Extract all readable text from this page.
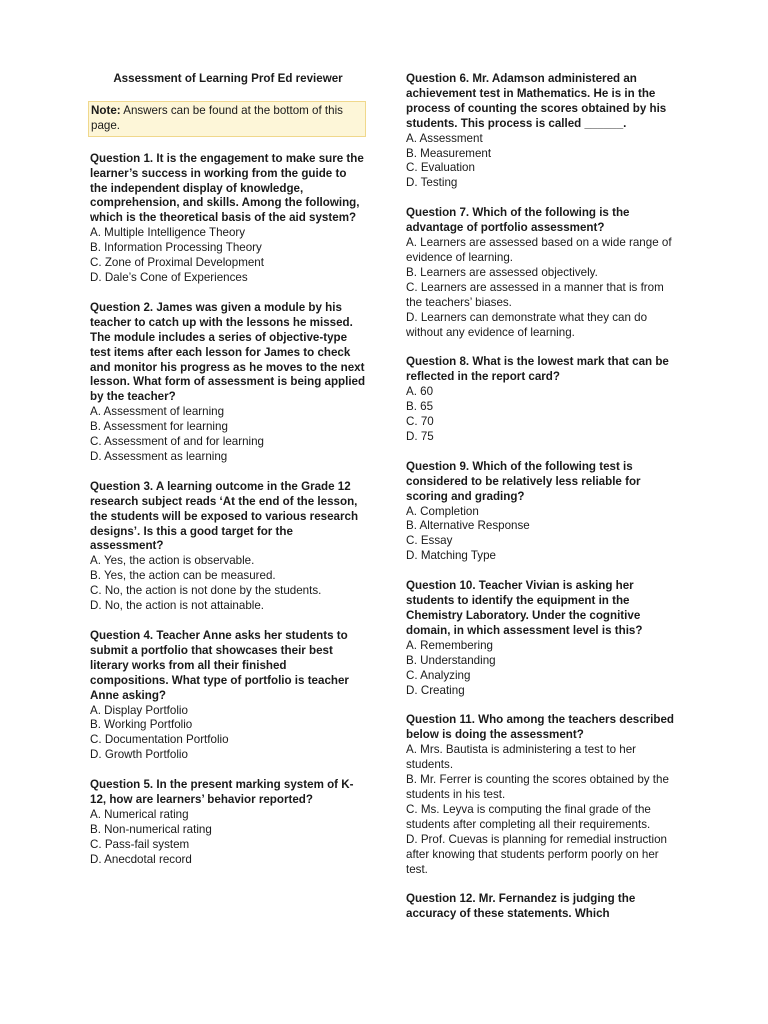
Assessment of Learning Prof Ed reviewer
Note: Answers can be found at the bottom of this page.
Question 1. It is the engagement to make sure the learner’s success in working from the guide to the independent display of knowledge, comprehension, and skills. Among the following, which is the theoretical basis of the aid system?
A. Multiple Intelligence Theory
B. Information Processing Theory
C. Zone of Proximal Development
D. Dale’s Cone of Experiences
Question 2. James was given a module by his teacher to catch up with the lessons he missed. The module includes a series of objective-type test items after each lesson for James to check and monitor his progress as he moves to the next lesson. What form of assessment is being applied by the teacher?
A. Assessment of learning
B. Assessment for learning
C. Assessment of and for learning
D. Assessment as learning
Question 3. A learning outcome in the Grade 12 research subject reads ‘At the end of the lesson, the students will be exposed to various research designs’. Is this a good target for the assessment?
A. Yes, the action is observable.
B. Yes, the action can be measured.
C. No, the action is not done by the students.
D. No, the action is not attainable.
Question 4. Teacher Anne asks her students to submit a portfolio that showcases their best literary works from all their finished compositions. What type of portfolio is teacher Anne asking?
A. Display Portfolio
B. Working Portfolio
C. Documentation Portfolio
D. Growth Portfolio
Question 5. In the present marking system of K-12, how are learners’ behavior reported?
A. Numerical rating
B. Non-numerical rating
C. Pass-fail system
D. Anecdotal record
Question 6. Mr. Adamson administered an achievement test in Mathematics. He is in the process of counting the scores obtained by his students. This process is called ______.
A. Assessment
B. Measurement
C. Evaluation
D. Testing
Question 7. Which of the following is the advantage of portfolio assessment?
A. Learners are assessed based on a wide range of evidence of learning.
B. Learners are assessed objectively.
C. Learners are assessed in a manner that is from the teachers’ biases.
D. Learners can demonstrate what they can do without any evidence of learning.
Question 8. What is the lowest mark that can be reflected in the report card?
A. 60
B. 65
C. 70
D. 75
Question 9. Which of the following test is considered to be relatively less reliable for scoring and grading?
A. Completion
B. Alternative Response
C. Essay
D. Matching Type
Question 10. Teacher Vivian is asking her students to identify the equipment in the Chemistry Laboratory. Under the cognitive domain, in which assessment level is this?
A. Remembering
B. Understanding
C. Analyzing
D. Creating
Question 11. Who among the teachers described below is doing the assessment?
A. Mrs. Bautista is administering a test to her students.
B. Mr. Ferrer is counting the scores obtained by the students in his test.
C. Ms. Leyva is computing the final grade of the students after completing all their requirements.
D. Prof. Cuevas is planning for remedial instruction after knowing that students perform poorly on her test.
Question 12. Mr. Fernandez is judging the accuracy of these statements. Which
